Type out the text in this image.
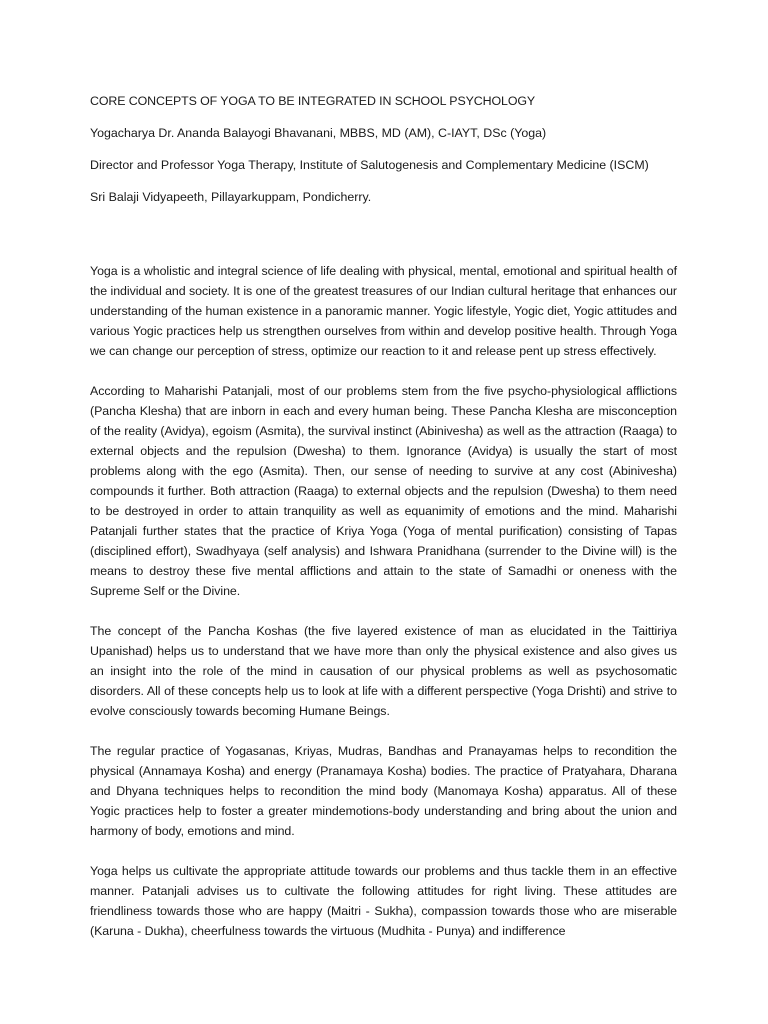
CORE CONCEPTS OF YOGA TO BE INTEGRATED IN SCHOOL PSYCHOLOGY
Yogacharya Dr. Ananda Balayogi Bhavanani, MBBS, MD (AM), C-IAYT, DSc (Yoga)
Director and Professor Yoga Therapy, Institute of Salutogenesis and Complementary Medicine (ISCM)
Sri Balaji Vidyapeeth, Pillayarkuppam, Pondicherry.

Yoga is a wholistic and integral science of life dealing with physical, mental, emotional and spiritual health of the individual and society. It is one of the greatest treasures of our Indian cultural heritage that enhances our understanding of the human existence in a panoramic manner. Yogic lifestyle, Yogic diet, Yogic attitudes and various Yogic practices help us strengthen ourselves from within and develop positive health. Through Yoga we can change our perception of stress, optimize our reaction to it and release pent up stress effectively.

According to Maharishi Patanjali, most of our problems stem from the five psycho-physiological afflictions (Pancha Klesha) that are inborn in each and every human being. These Pancha Klesha are misconception of the reality (Avidya), egoism (Asmita), the survival instinct (Abinivesha) as well as the attraction (Raaga) to external objects and the repulsion (Dwesha) to them. Ignorance (Avidya) is usually the start of most problems along with the ego (Asmita). Then, our sense of needing to survive at any cost (Abinivesha) compounds it further. Both attraction (Raaga) to external objects and the repulsion (Dwesha) to them need to be destroyed in order to attain tranquility as well as equanimity of emotions and the mind. Maharishi Patanjali further states that the practice of Kriya Yoga (Yoga of mental purification) consisting of Tapas (disciplined effort), Swadhyaya (self analysis) and Ishwara Pranidhana (surrender to the Divine will) is the means to destroy these five mental afflictions and attain to the state of Samadhi or oneness with the Supreme Self or the Divine.

The concept of the Pancha Koshas (the five layered existence of man as elucidated in the Taittiriya Upanishad) helps us to understand that we have more than only the physical existence and also gives us an insight into the role of the mind in causation of our physical problems as well as psychosomatic disorders. All of these concepts help us to look at life with a different perspective (Yoga Drishti) and strive to evolve consciously towards becoming Humane Beings.

The regular practice of Yogasanas, Kriyas, Mudras, Bandhas and Pranayamas helps to recondition the physical (Annamaya Kosha) and energy (Pranamaya Kosha) bodies. The practice of Pratyahara, Dharana and Dhyana techniques helps to recondition the mind body (Manomaya Kosha) apparatus. All of these Yogic practices help to foster a greater mindemotions-body understanding and bring about the union and harmony of body, emotions and mind.

Yoga helps us cultivate the appropriate attitude towards our problems and thus tackle them in an effective manner. Patanjali advises us to cultivate the following attitudes for right living. These attitudes are friendliness towards those who are happy (Maitri - Sukha), compassion towards those who are miserable (Karuna - Dukha), cheerfulness towards the virtuous (Mudhita - Punya) and indifference
